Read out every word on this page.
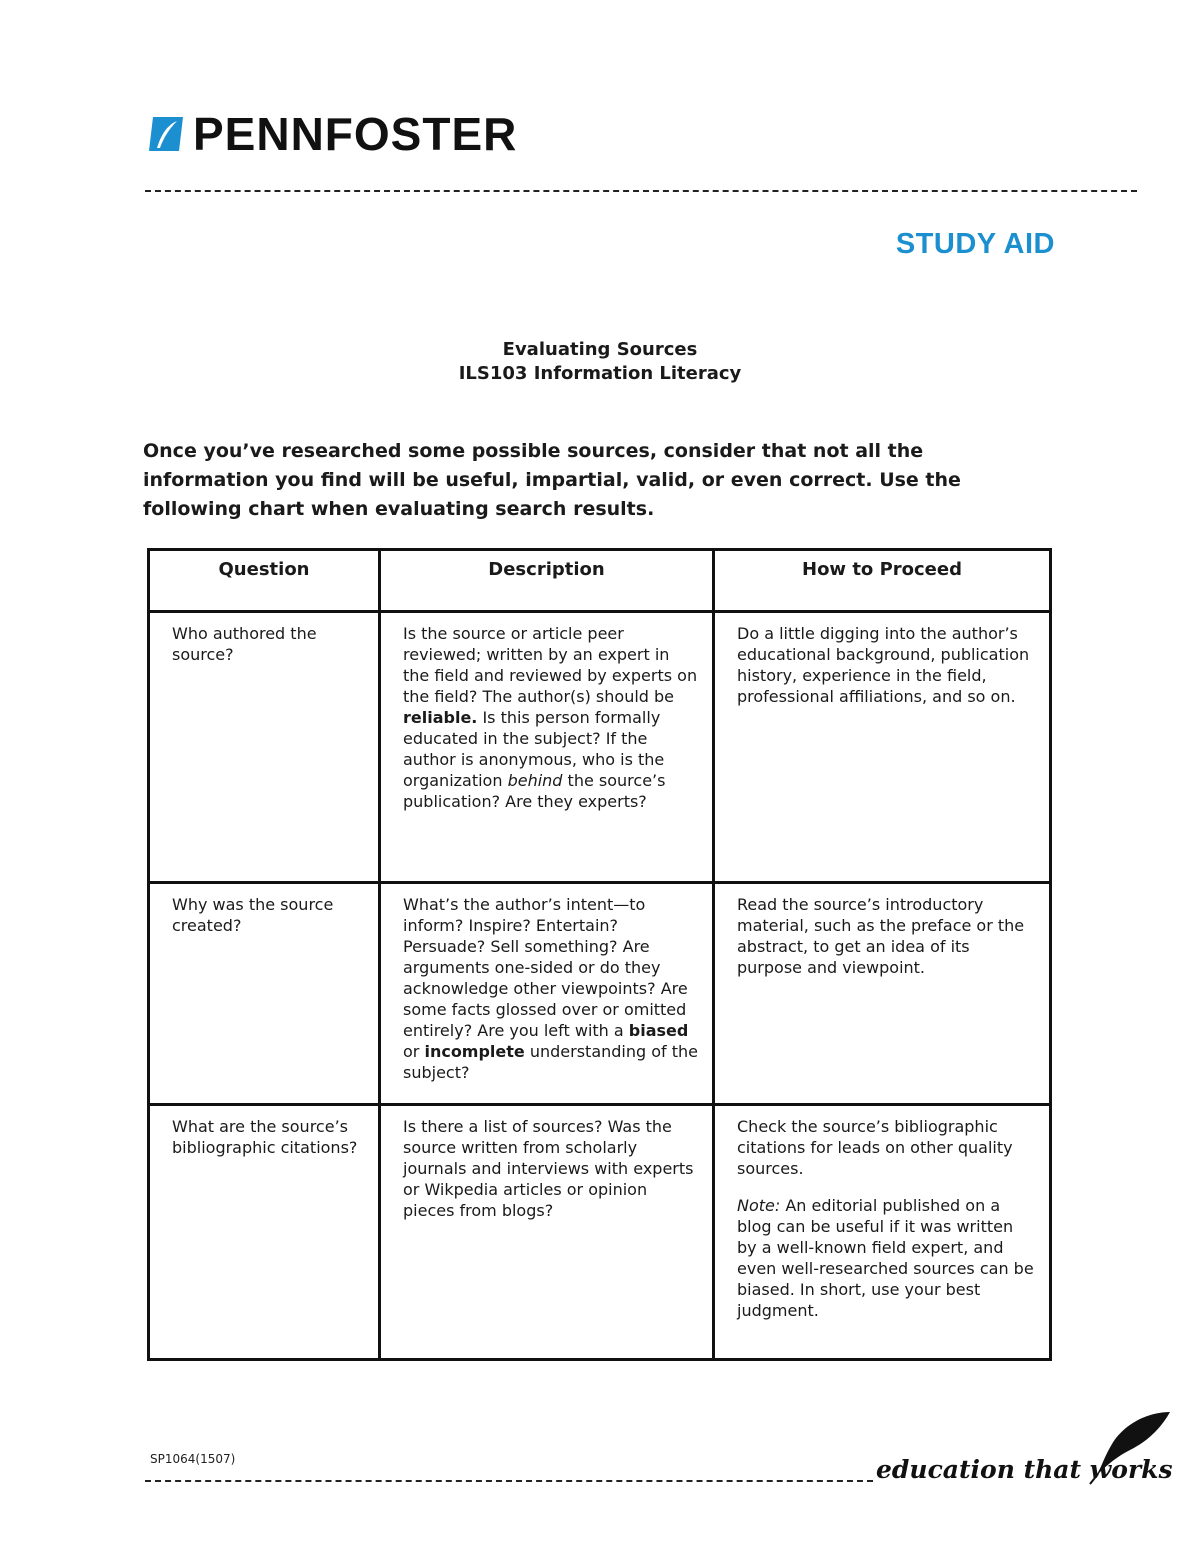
PENNFOSTER
STUDY AID
Evaluating Sources
ILS103 Information Literacy
Once you’ve researched some possible sources, consider that not all the information you find will be useful, impartial, valid, or even correct. Use the following chart when evaluating search results.
Question	Description	How to Proceed
Who authored the source?	Is the source or article peer reviewed; written by an expert in the field and reviewed by experts on the field? The author(s) should be reliable. Is this person formally educated in the subject? If the author is anonymous, who is the organization behind the source’s publication? Are they experts?	Do a little digging into the author’s educational background, publication history, experience in the field, professional affiliations, and so on.
Why was the source created?	What’s the author’s intent—to inform? Inspire? Entertain? Persuade? Sell something? Are arguments one-sided or do they acknowledge other viewpoints? Are some facts glossed over or omitted entirely? Are you left with a biased or incomplete understanding of the subject?	Read the source’s introductory material, such as the preface or the abstract, to get an idea of its purpose and viewpoint.
What are the source’s bibliographic citations?	Is there a list of sources? Was the source written from scholarly journals and interviews with experts or Wikpedia articles or opinion pieces from blogs?	Check the source’s bibliographic citations for leads on other quality sources.
Note: An editorial published on a blog can be useful if it was written by a well-known field expert, and even well-researched sources can be biased. In short, use your best judgment.
SP1064(1507)	education that works
